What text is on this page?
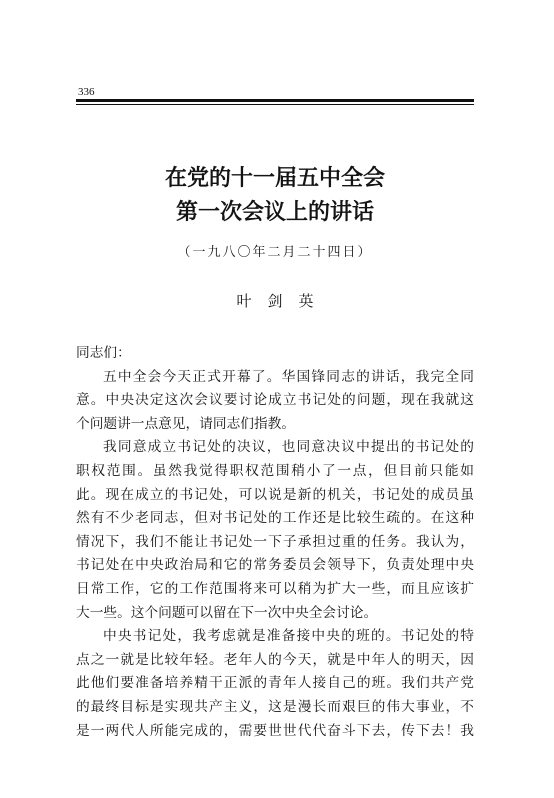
336
在党的十一届五中全会
第一次会议上的讲话
（一九八〇年二月二十四日）
叶剑英
同志们：
五中全会今天正式开幕了。华国锋同志的讲话，我完全同
意。中央决定这次会议要讨论成立书记处的问题，现在我就这
个问题讲一点意见，请同志们指教。
我同意成立书记处的决议，也同意决议中提出的书记处的
职权范围。虽然我觉得职权范围稍小了一点，但目前只能如
此。现在成立的书记处，可以说是新的机关，书记处的成员虽
然有不少老同志，但对书记处的工作还是比较生疏的。在这种
情况下，我们不能让书记处一下子承担过重的任务。我认为，
书记处在中央政治局和它的常务委员会领导下，负责处理中央
日常工作，它的工作范围将来可以稍为扩大一些，而且应该扩
大一些。这个问题可以留在下一次中央全会讨论。
中央书记处，我考虑就是准备接中央的班的。书记处的特
点之一就是比较年轻。老年人的今天，就是中年人的明天，因
此他们要准备培养精干正派的青年人接自己的班。我们共产党
的最终目标是实现共产主义，这是漫长而艰巨的伟大事业，不
是一两代人所能完成的，需要世世代代奋斗下去，传下去！我
